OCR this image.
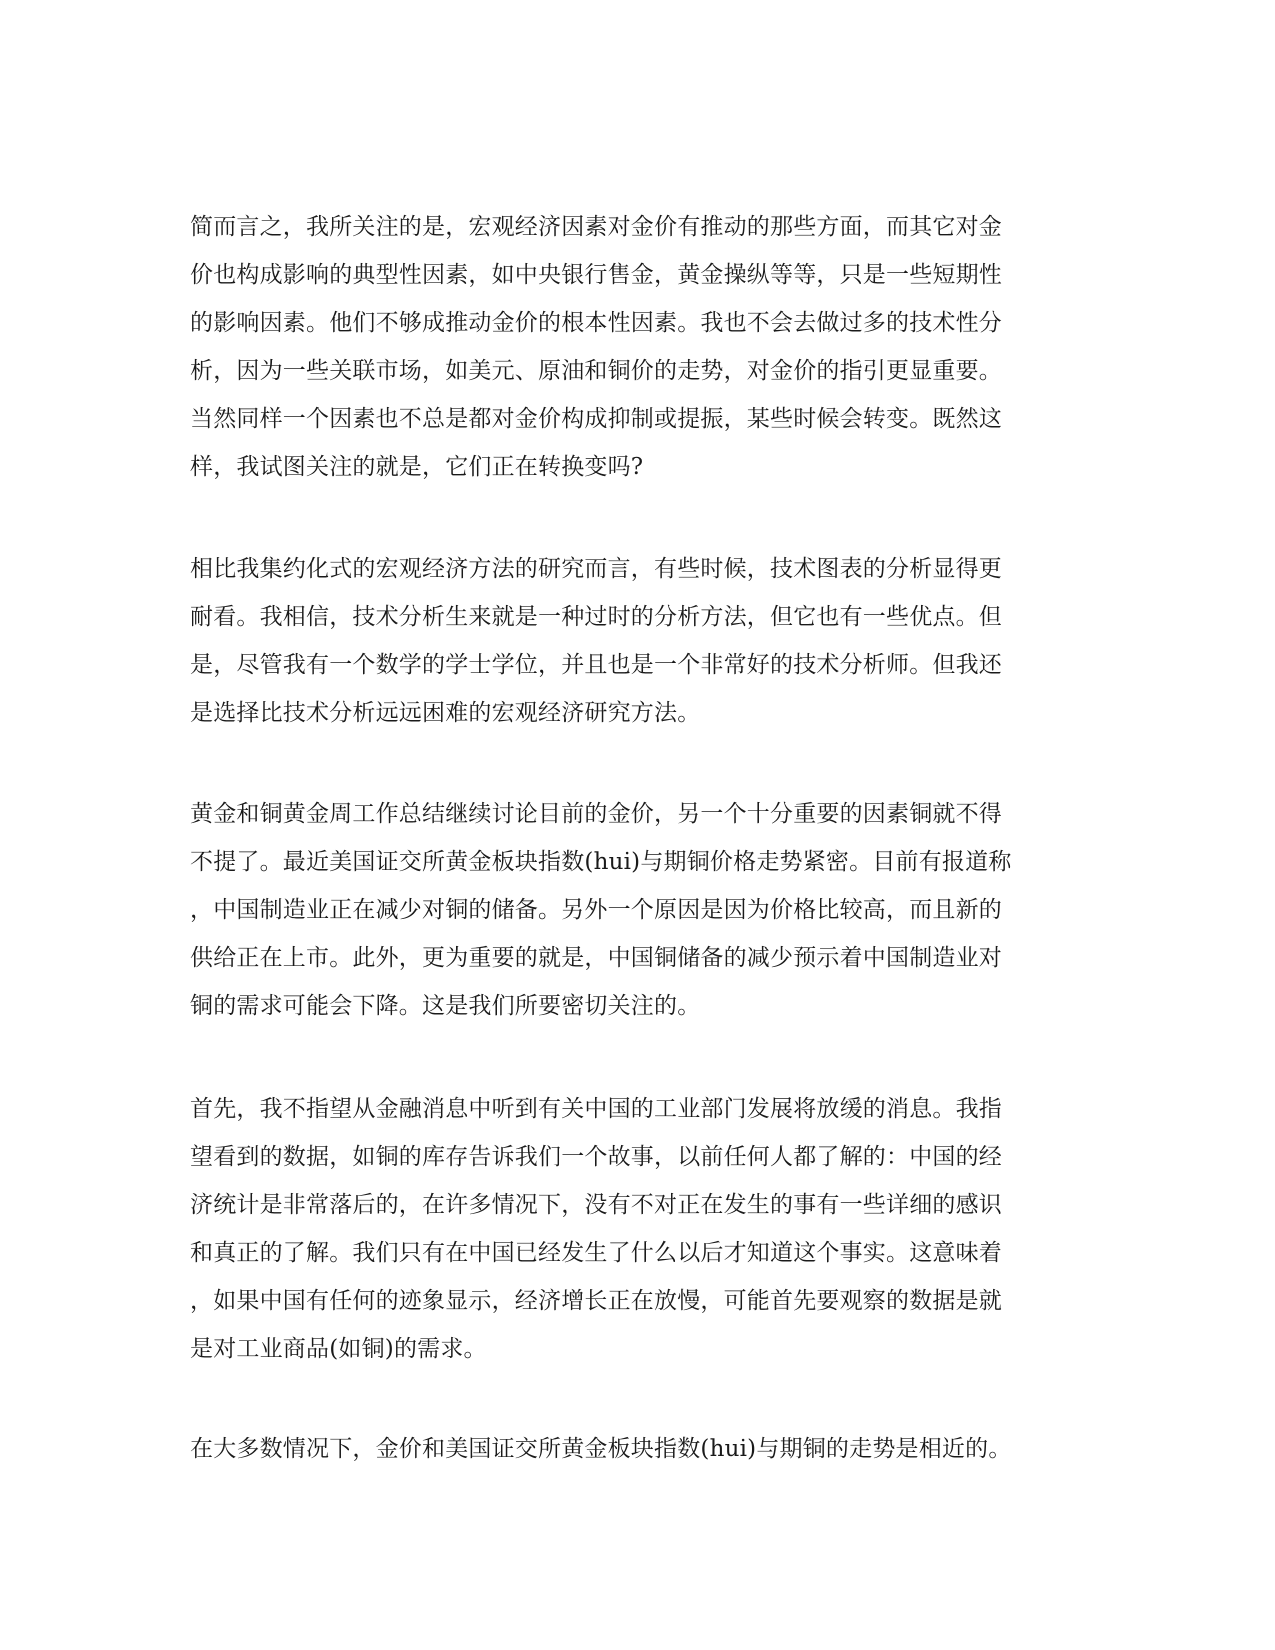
简而言之，我所关注的是，宏观经济因素对金价有推动的那些方面，而其它对金
价也构成影响的典型性因素，如中央银行售金，黄金操纵等等，只是一些短期性
的影响因素。他们不够成推动金价的根本性因素。我也不会去做过多的技术性分
析，因为一些关联市场，如美元、原油和铜价的走势，对金价的指引更显重要。
当然同样一个因素也不总是都对金价构成抑制或提振，某些时候会转变。既然这
样，我试图关注的就是，它们正在转换变吗?
相比我集约化式的宏观经济方法的研究而言，有些时候，技术图表的分析显得更
耐看。我相信，技术分析生来就是一种过时的分析方法，但它也有一些优点。但
是，尽管我有一个数学的学士学位，并且也是一个非常好的技术分析师。但我还
是选择比技术分析远远困难的宏观经济研究方法。
黄金和铜黄金周工作总结继续讨论目前的金价，另一个十分重要的因素铜就不得
不提了。最近美国证交所黄金板块指数(hui)与期铜价格走势紧密。目前有报道称
，中国制造业正在减少对铜的储备。另外一个原因是因为价格比较高，而且新的
供给正在上市。此外，更为重要的就是，中国铜储备的减少预示着中国制造业对
铜的需求可能会下降。这是我们所要密切关注的。
首先，我不指望从金融消息中听到有关中国的工业部门发展将放缓的消息。我指
望看到的数据，如铜的库存告诉我们一个故事，以前任何人都了解的：中国的经
济统计是非常落后的，在许多情况下，没有不对正在发生的事有一些详细的感识
和真正的了解。我们只有在中国已经发生了什么以后才知道这个事实。这意味着
，如果中国有任何的迹象显示，经济增长正在放慢，可能首先要观察的数据是就
是对工业商品(如铜)的需求。
在大多数情况下，金价和美国证交所黄金板块指数(hui)与期铜的走势是相近的。
